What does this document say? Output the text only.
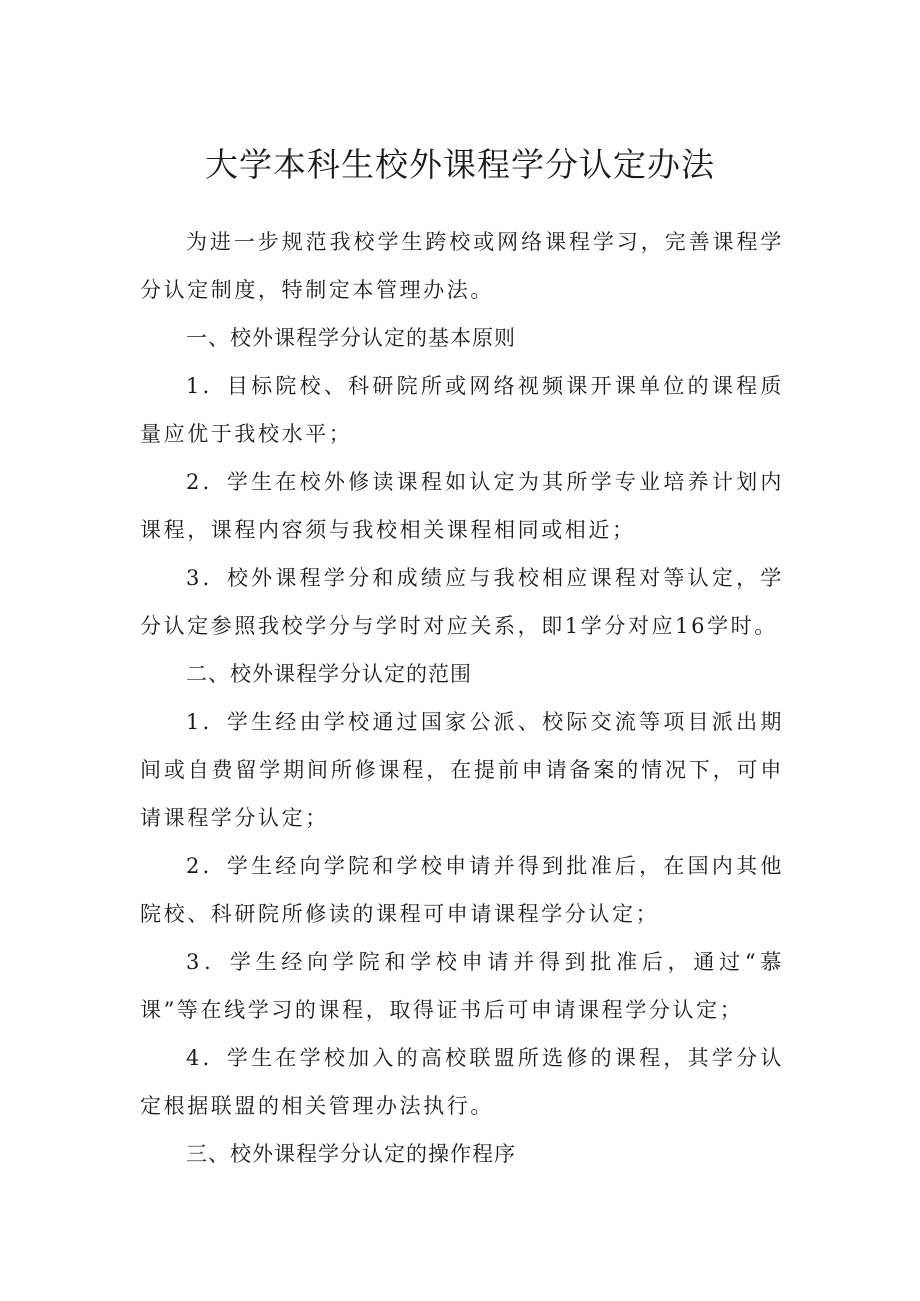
大学本科生校外课程学分认定办法

为进一步规范我校学生跨校或网络课程学习，完善课程学分认定制度，特制定本管理办法。

一、校外课程学分认定的基本原则

1．目标院校、科研院所或网络视频课开课单位的课程质量应优于我校水平；

2．学生在校外修读课程如认定为其所学专业培养计划内课程，课程内容须与我校相关课程相同或相近；

3．校外课程学分和成绩应与我校相应课程对等认定，学分认定参照我校学分与学时对应关系，即1学分对应16学时。

二、校外课程学分认定的范围

1．学生经由学校通过国家公派、校际交流等项目派出期间或自费留学期间所修课程，在提前申请备案的情况下，可申请课程学分认定；

2．学生经向学院和学校申请并得到批准后，在国内其他院校、科研院所修读的课程可申请课程学分认定；

3．学生经向学院和学校申请并得到批准后，通过“慕课”等在线学习的课程，取得证书后可申请课程学分认定；

4．学生在学校加入的高校联盟所选修的课程，其学分认定根据联盟的相关管理办法执行。

三、校外课程学分认定的操作程序
